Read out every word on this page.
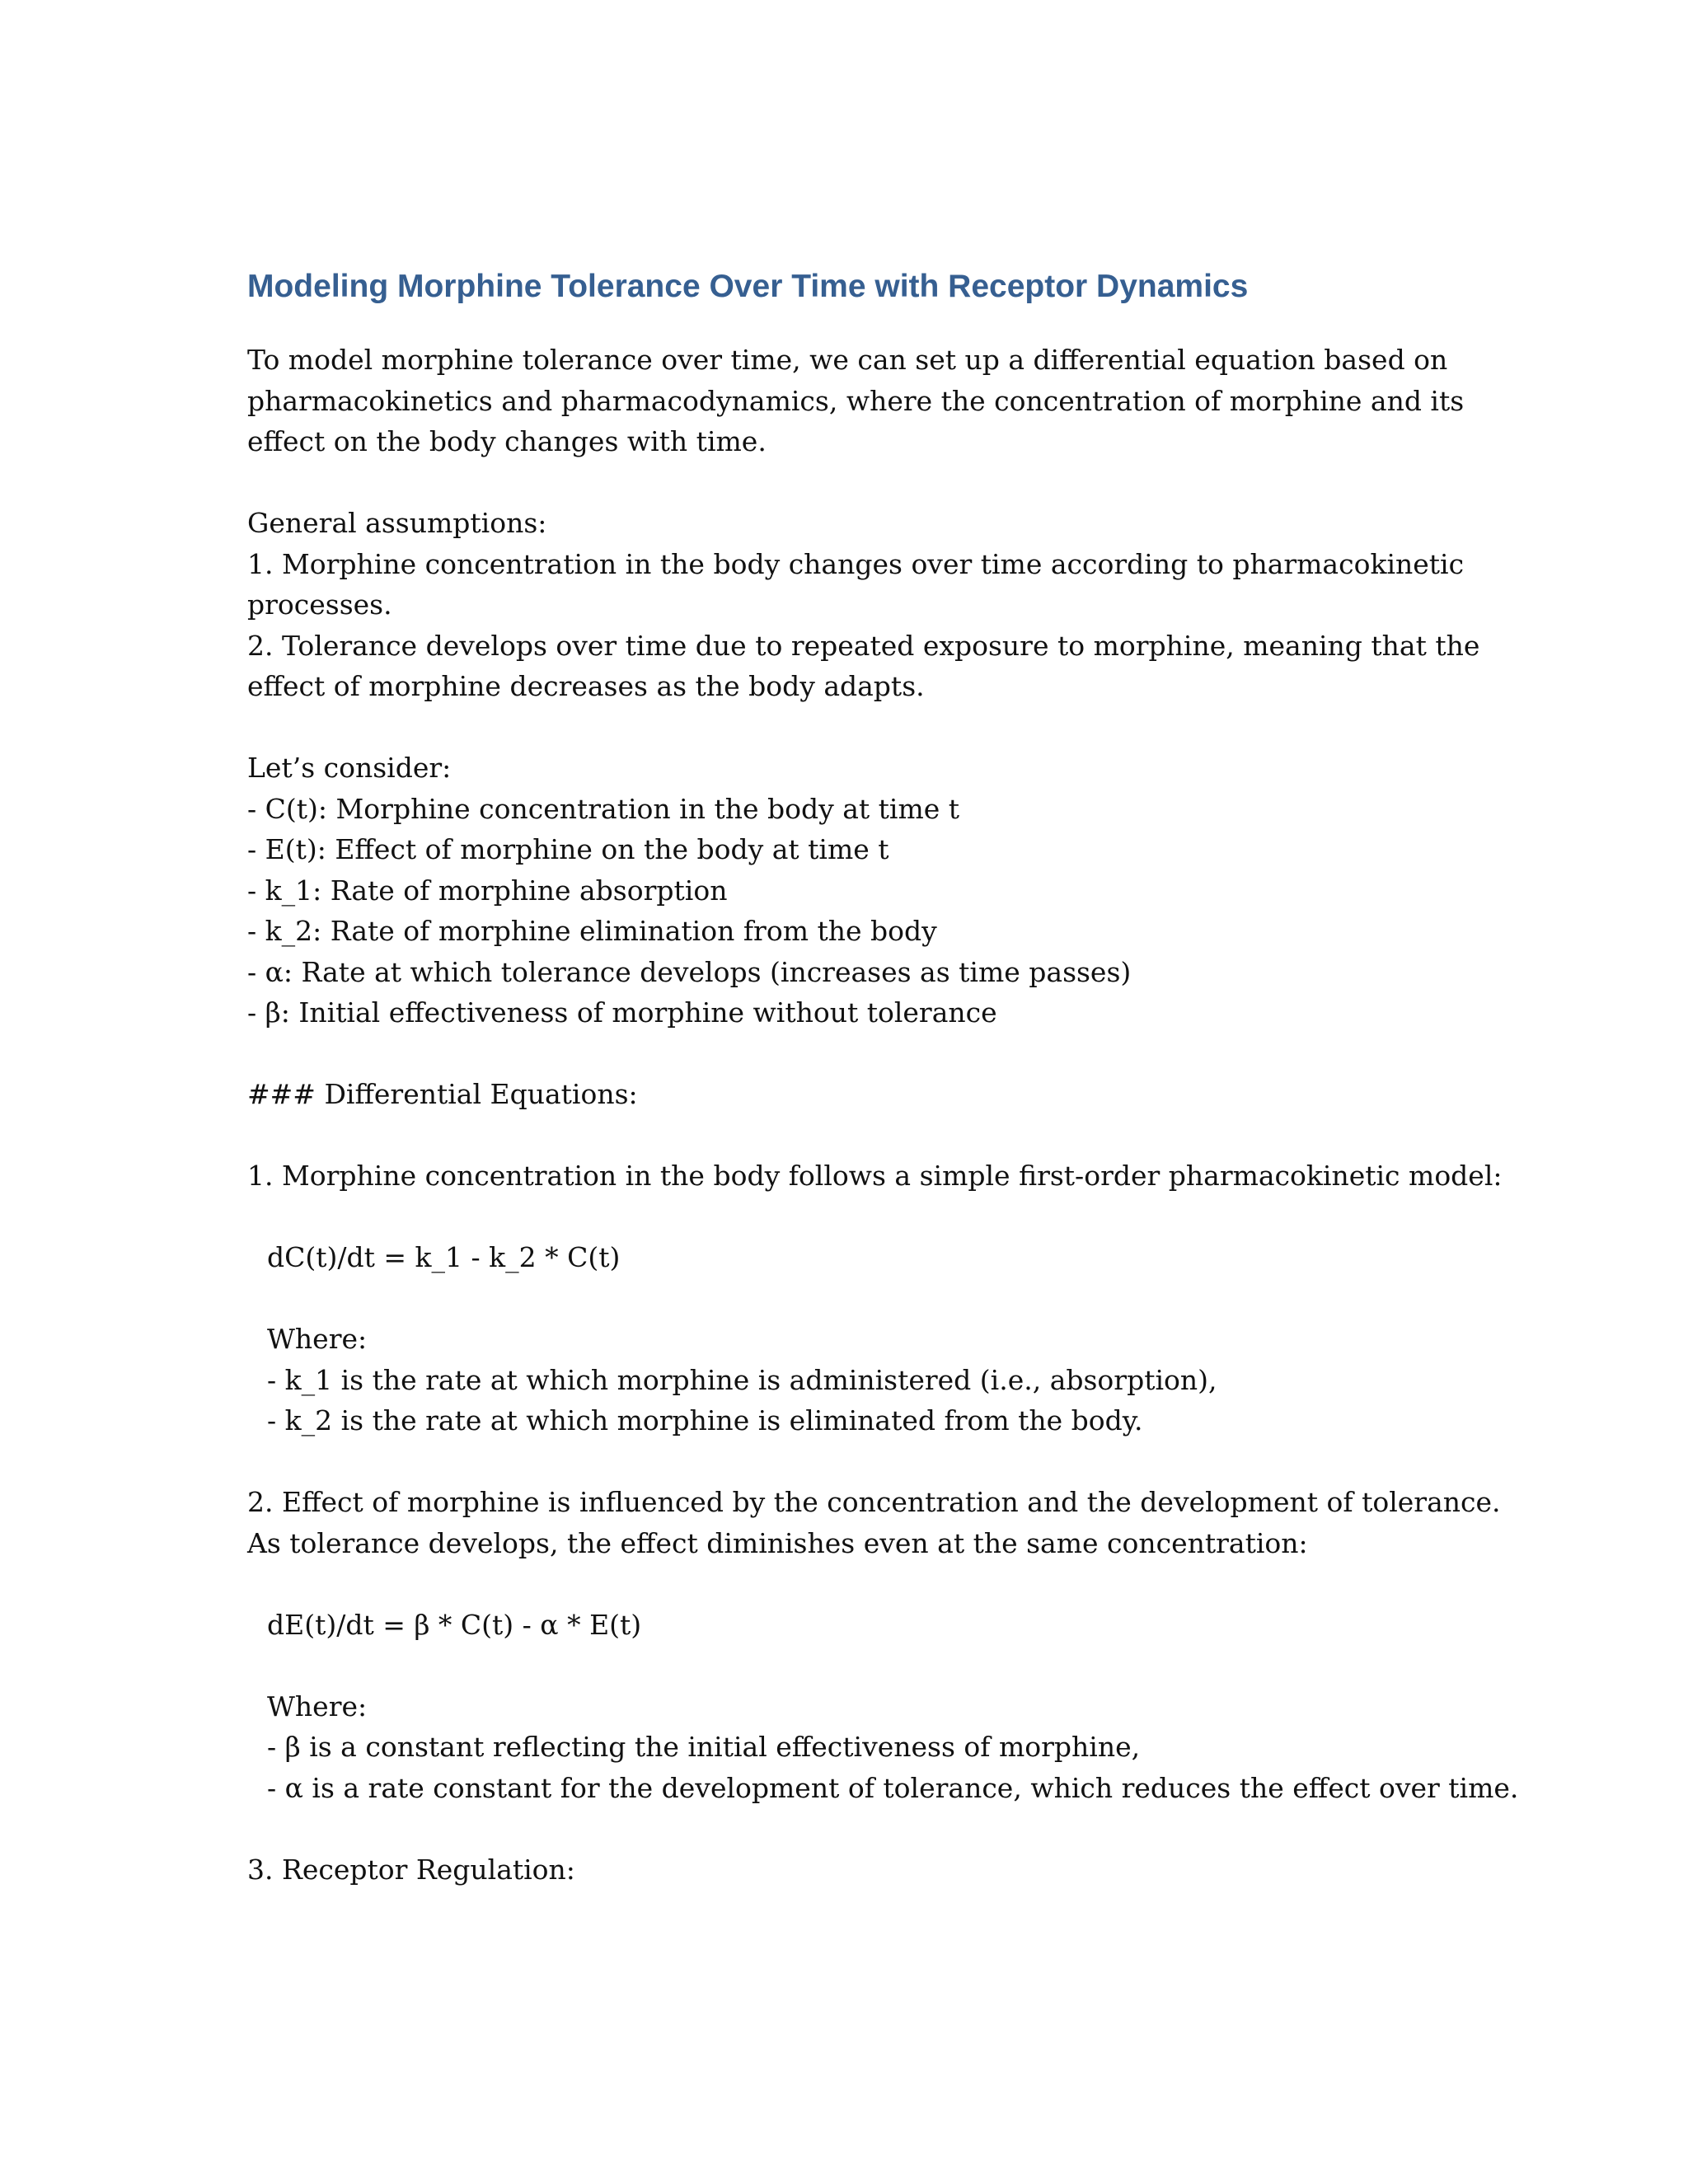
Modeling Morphine Tolerance Over Time with Receptor Dynamics
To model morphine tolerance over time, we can set up a differential equation based on
pharmacokinetics and pharmacodynamics, where the concentration of morphine and its
effect on the body changes with time.
General assumptions:
1. Morphine concentration in the body changes over time according to pharmacokinetic
processes.
2. Tolerance develops over time due to repeated exposure to morphine, meaning that the
effect of morphine decreases as the body adapts.
Let’s consider:
- C(t): Morphine concentration in the body at time t
- E(t): Effect of morphine on the body at time t
- k_1: Rate of morphine absorption
- k_2: Rate of morphine elimination from the body
- α: Rate at which tolerance develops (increases as time passes)
- β: Initial effectiveness of morphine without tolerance
### Differential Equations:
1. Morphine concentration in the body follows a simple first-order pharmacokinetic model:
dC(t)/dt = k_1 - k_2 * C(t)
Where:
- k_1 is the rate at which morphine is administered (i.e., absorption),
- k_2 is the rate at which morphine is eliminated from the body.
2. Effect of morphine is influenced by the concentration and the development of tolerance.
As tolerance develops, the effect diminishes even at the same concentration:
dE(t)/dt = β * C(t) - α * E(t)
Where:
- β is a constant reflecting the initial effectiveness of morphine,
- α is a rate constant for the development of tolerance, which reduces the effect over time.
3. Receptor Regulation:
